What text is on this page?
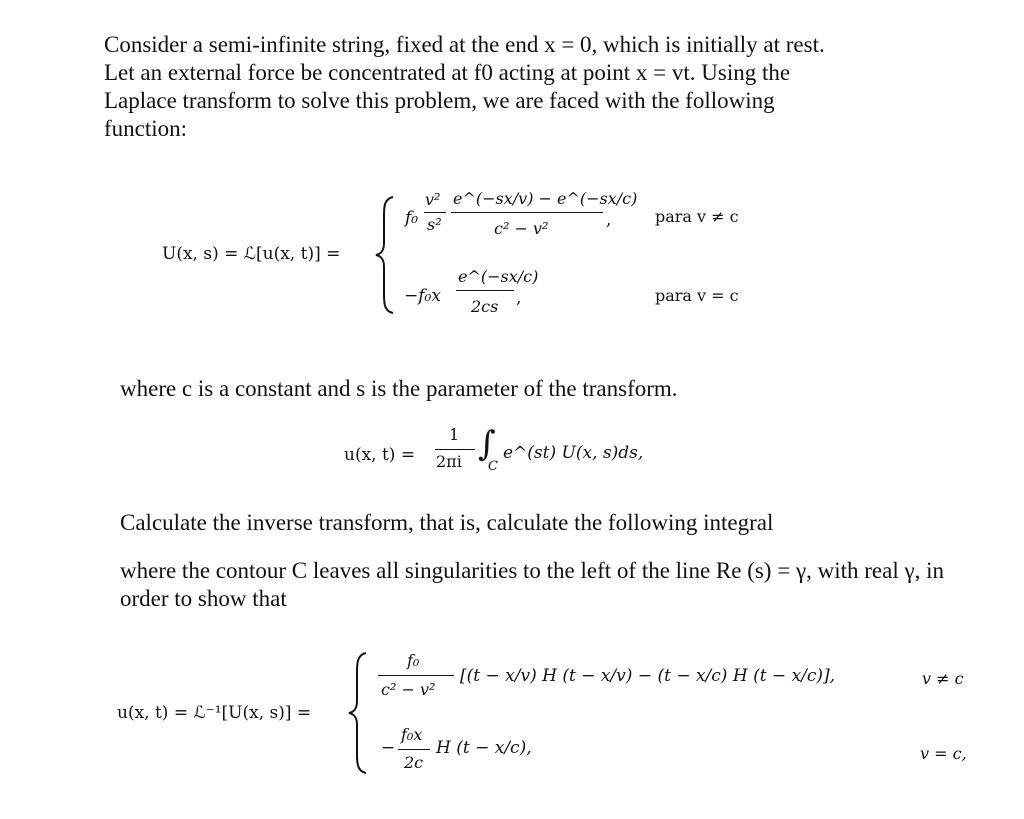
Consider a semi-infinite string, fixed at the end x = 0, which is initially at rest.
Let an external force be concentrated at f0 acting at point x = vt. Using the
Laplace transform to solve this problem, we are faced with the following
function:
U(x, s) = ℒ[u(x, t)] =
f₀
v²
s²
e^(−sx/v) − e^(−sx/c)
c² − v²	,	para v ≠ c
−f₀x
e^(−sx/c)
2cs ,	para v = c
where c is a constant and s is the parameter of the transform.
u(x, t) =
1
2πi ∫
C
e^(st) U(x, s)ds,
Calculate the inverse transform, that is, calculate the following integral
where the contour C leaves all singularities to the left of the line Re (s) = γ, with real γ, in
order to show that
u(x, t) = ℒ⁻¹[U(x, s)] =
f₀
c² − v²
[(t − x/v) H (t − x/v) − (t − x/c) H (t − x/c)],	v ≠ c
−
f₀x
2c
H (t − x/c),	v = c,
